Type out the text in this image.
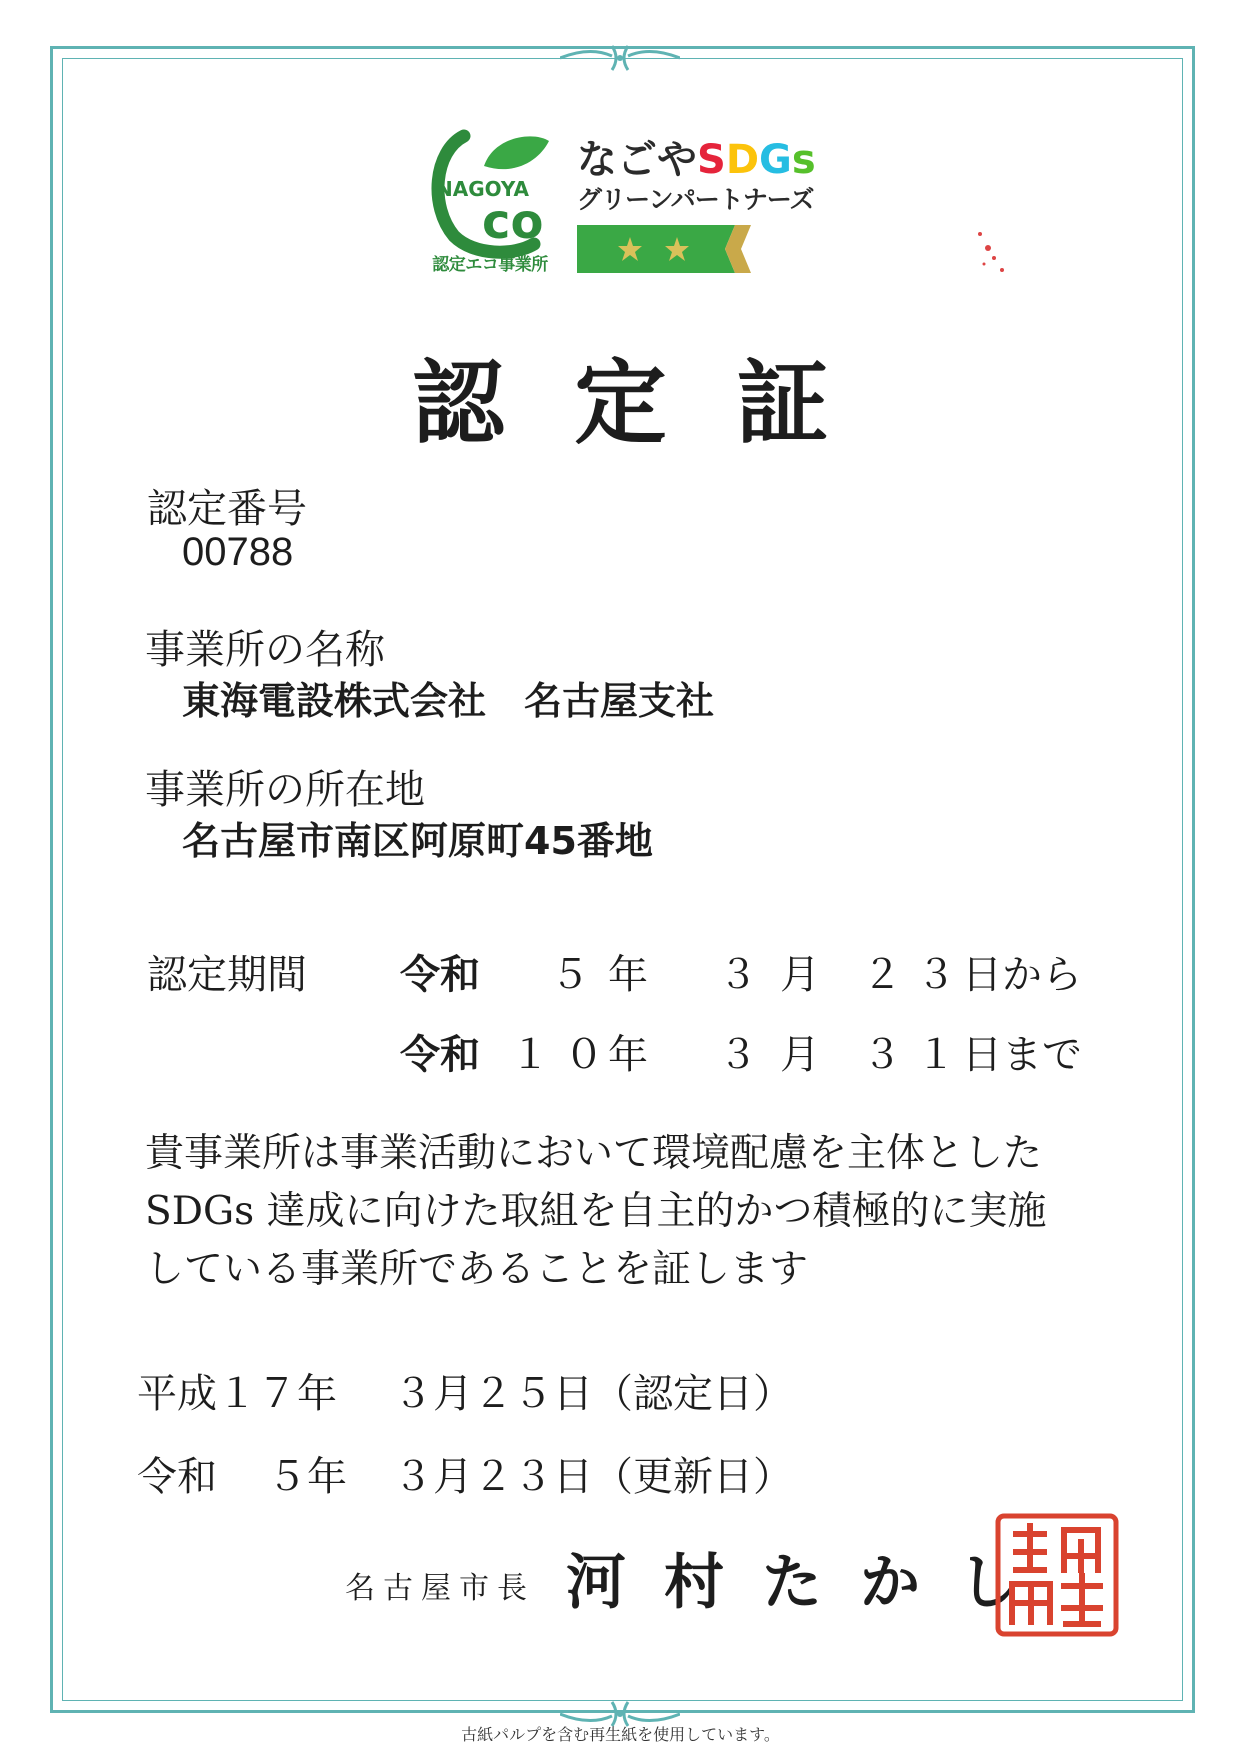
NAGOYA
co
認定エコ事業所
なごやSDGs
グリーンパートナーズ
認定証
認定番号
00788
事業所の名称
東海電設株式会社　名古屋支社
事業所の所在地
名古屋市南区阿原町45番地
認定期間 令和 ５ 年 ３ 月 ２３
日から
令和 １０
年 ３ 月 ３１
日まで
貴事業所は事業活動において環境配慮を主体とした
SDGs 達成に向けた取組を自主的かつ積極的に実施
している事業所であることを証します
平成 １７年 ３月 ２５日 （認定日）
令和 ５年 ３月 ２３日 （更新日）
名古屋市長 河村たかし
古紙パルプを含む再生紙を使用しています。
